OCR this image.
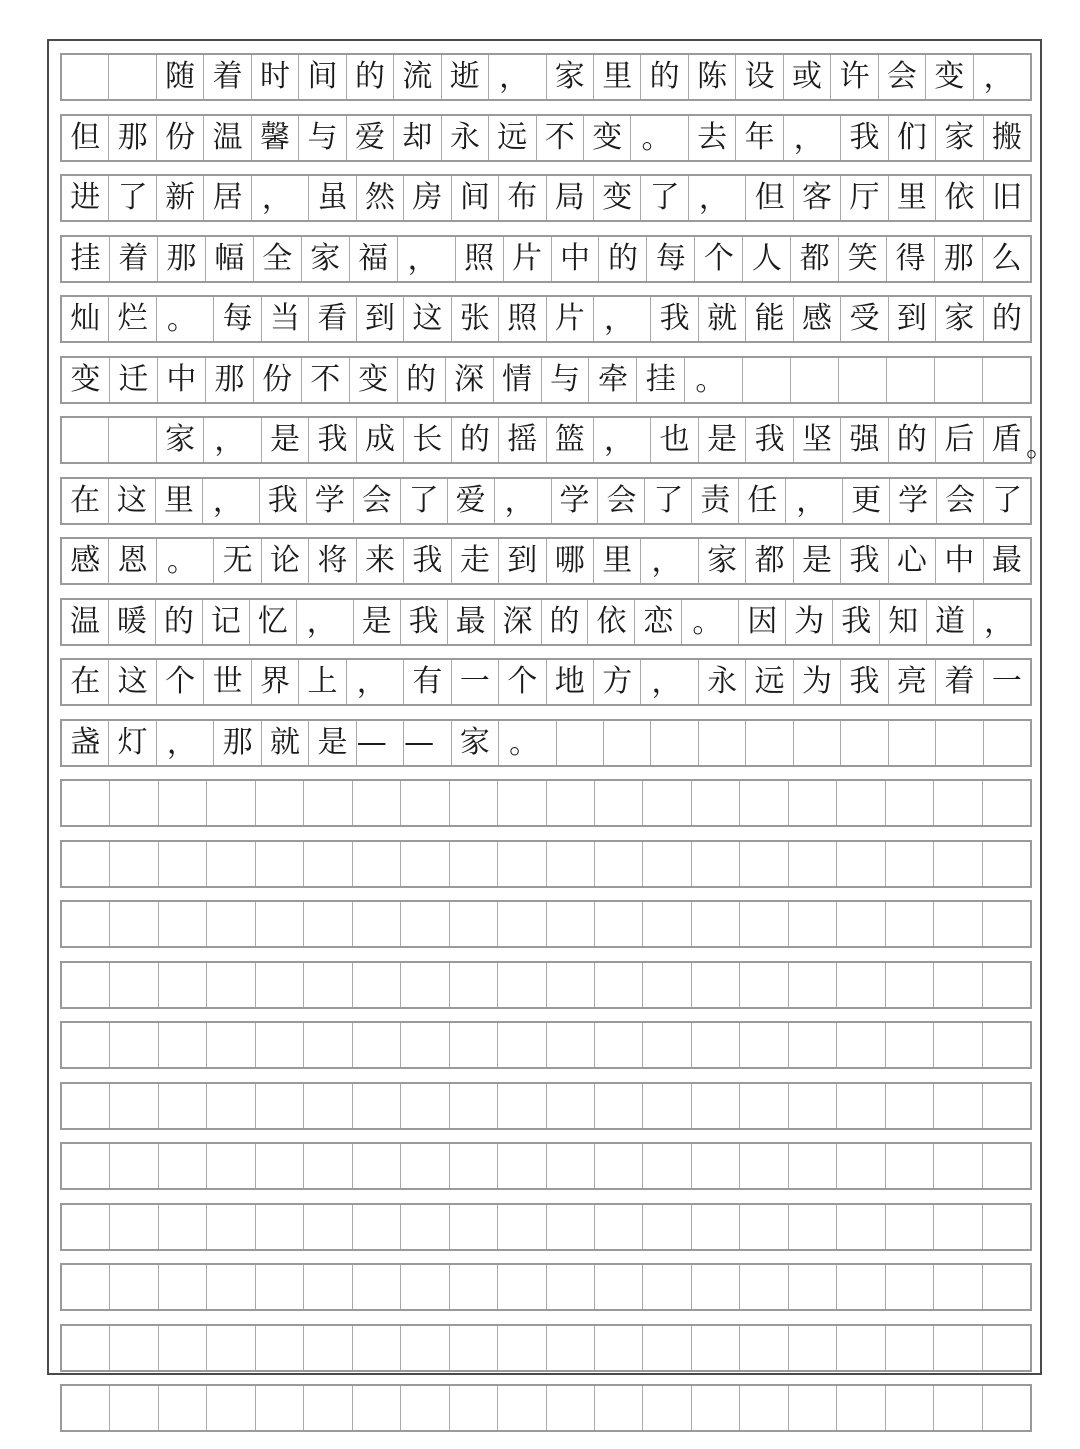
随 着 时 间 的 流 逝 ， 家 里 的 陈 设 或 许 会 变 ，
但 那 份 温 馨 与 爱 却 永 远 不 变 。 去 年 ， 我 们 家 搬
进 了 新 居 ， 虽 然 房 间 布 局 变 了 ， 但 客 厅 里 依 旧
挂 着 那 幅 全 家 福 ， 照 片 中 的 每 个 人 都 笑 得 那 么
灿 烂 。 每 当 看 到 这 张 照 片 ， 我 就 能 感 受 到 家 的
变 迁 中 那 份 不 变 的 深 情 与 牵 挂 。
家 ， 是 我 成 长 的 摇 篮 ， 也 是 我 坚 强 的 后 盾
在 这 里 ， 我 学 会 了 爱 ， 学 会 了 责 任 ， 更 学 会 了
感 恩 。 无 论 将 来 我 走 到 哪 里 ， 家 都 是 我 心 中 最
温 暖 的 记 忆 ， 是 我 最 深 的 依 恋 。 因 为 我 知 道 ，
在 这 个 世 界 上 ， 有 一 个 地 方 ， 永 远 为 我 亮 着 一
盏 灯 ， 那 就 是 — — 家 。
。
